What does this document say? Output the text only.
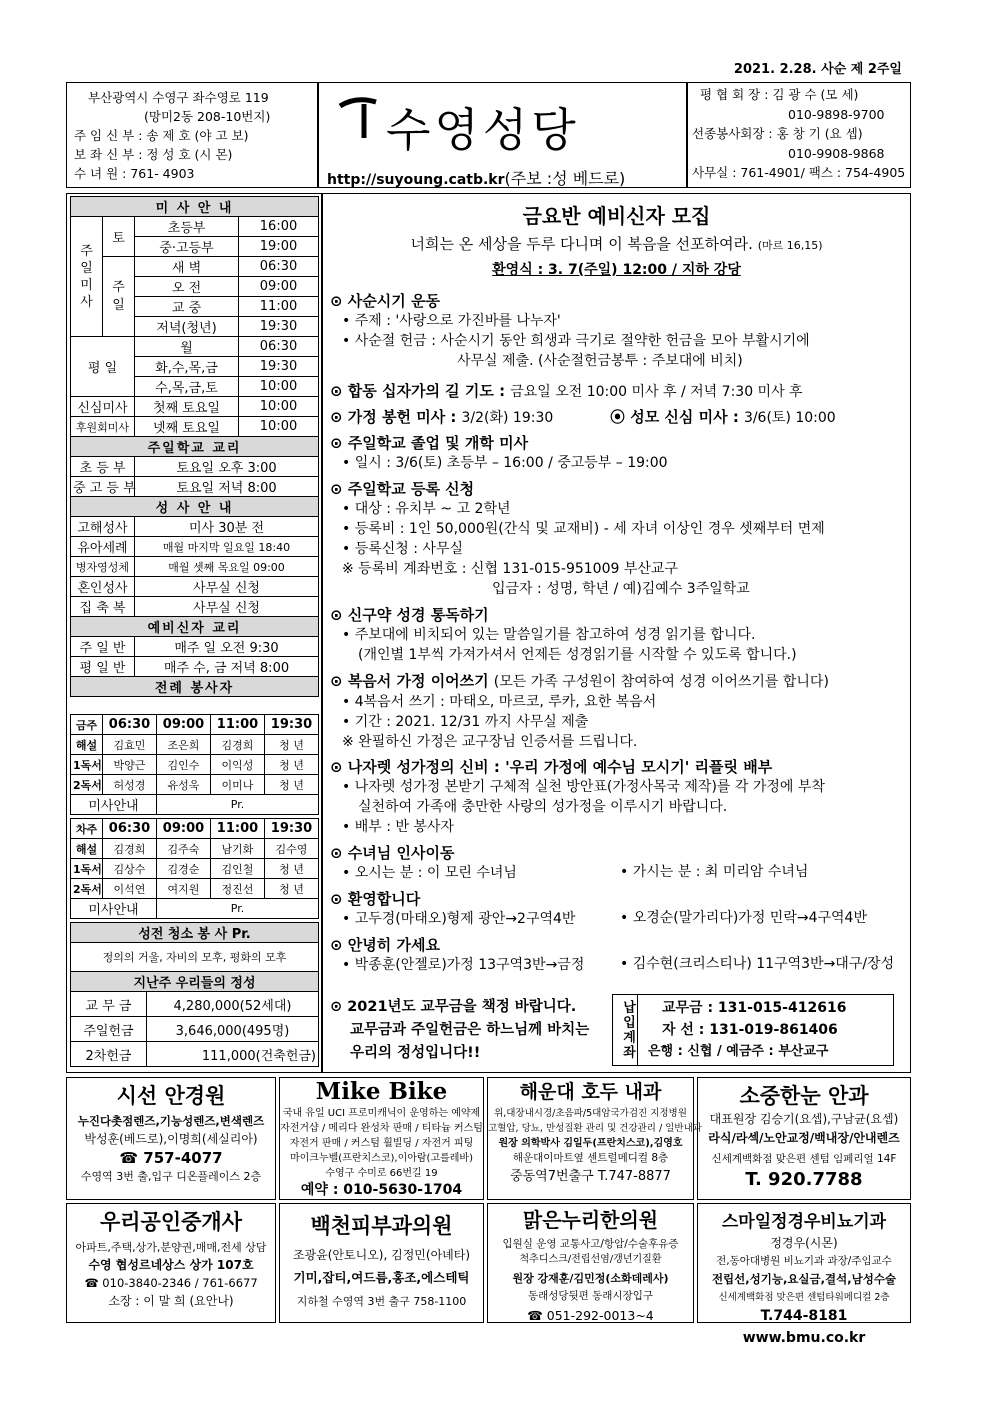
2021. 2.28. 사순 제 2주일
부산광역시 수영구 좌수영로 119
(망미2동 208-10번지)
주 임 신 부 : 송 제 호 (야 고 보)
보 좌 신 부 : 정 성 호 (시 몬)
수 녀 원 : 761- 4903
수영성당
http://suyoung.catb.kr(주보 :성 베드로)
평 협 회 장 : 김 광 수 (모 세)
010-9898-9700
선종봉사회장 : 홍 창 기 (요 셉)
010-9908-9868
사무실 : 761-4901/ 팩스 : 754-4905
미 사 안 내			
주
일
미
사	토	초등부	16:00
		중·고등부	19:00
	주
일	새 벽	06:30
		오 전	09:00
		교 중	11:00
		저녁(청년)	19:30
평 일		월	06:30
		화,수,목,금	19:30
		수,목,금,토	10:00
신심미사		첫째 토요일	10:00
후원회미사		넷째 토요일	10:00
주일학교 교리			
초 등 부		토요일 오후 3:00	
중 고 등 부		토요일 저녁 8:00	
성 사 안 내			
고해성사		미사 30분 전	
유아세례		매월 마지막 일요일 18:40	
병자영성체		매월 셋째 목요일 09:00	
혼인성사		사무실 신청	
집 축 복		사무실 신청	
예비신자 교리			
주 일 반		매주 일 오전 9:30	
평 일 반		매주 수, 금 저녁 8:00	
전례 봉사자			
금주	06:30	09:00	11:00	19:30
해설	김효민	조은희	김경희	청 년
1독서	박양근	김인수	이익성	청 년
2독서	허성경	유성욱	이미나	청 년
미사안내		Pr.		
차주	06:30	09:00	11:00	19:30
해설	김경희	김주숙	남기화	김수영
1독서	김상수	김경순	김인철	청 년
2독서	이석연	여지원	정진선	청 년
미사안내		Pr.		
성전 청소 봉 사 Pr.	
정의의 거울, 자비의 모후, 평화의 모후	
지난주 우리들의 정성	
교 무 금	4,280,000(52세대)
주일헌금	3,646,000(495명)
2차헌금	111,000(건축헌금)
금요반 예비신자 모집
너희는 온 세상을 두루 다니며 이 복음을 선포하여라. (마르 16,15)
환영식 : 3. 7(주일) 12:00 / 지하 강당
⊙ 사순시기 운동
• 주제 : '사랑으로 가진바를 나누자'
• 사순절 헌금 : 사순시기 동안 희생과 극기로 절약한 헌금을 모아 부활시기에
사무실 제출. (사순절헌금봉투 : 주보대에 비치)
⊙ 합동 십자가의 길 기도 : 금요일 오전 10:00 미사 후 / 저녁 7:30 미사 후
⊙ 가정 봉헌 미사 : 3/2(화) 19:30	⦿ 성모 신심 미사 : 3/6(토) 10:00
⊙ 주일학교 졸업 및 개학 미사
• 일시 : 3/6(토) 초등부 – 16:00 / 중고등부 – 19:00
⊙ 주일학교 등록 신청
• 대상 : 유치부 ~ 고 2학년
• 등록비 : 1인 50,000원(간식 및 교재비) - 세 자녀 이상인 경우 셋째부터 면제
• 등록신청 : 사무실
※ 등록비 계좌번호 : 신협 131-015-951009 부산교구
입금자 : 성명, 학년 / 예)김예수 3주일학교
⊙ 신구약 성경 통독하기
• 주보대에 비치되어 있는 말씀일기를 참고하여 성경 읽기를 합니다.
(개인별 1부씩 가져가셔서 언제든 성경읽기를 시작할 수 있도록 합니다.)
⊙ 복음서 가정 이어쓰기 (모든 가족 구성원이 참여하여 성경 이어쓰기를 합니다)
• 4복음서 쓰기 : 마태오, 마르코, 루카, 요한 복음서
• 기간 : 2021. 12/31 까지 사무실 제출
※ 완필하신 가정은 교구장님 인증서를 드립니다.
⊙ 나자렛 성가정의 신비 : '우리 가정에 예수님 모시기' 리플릿 배부
• 나자렛 성가정 본받기 구체적 실천 방안표(가정사목국 제작)를 각 가정에 부착
실천하여 가족애 충만한 사랑의 성가정을 이루시기 바랍니다.
• 배부 : 반 봉사자
⊙ 수녀님 인사이동
• 오시는 분 : 이 모린 수녀님	• 가시는 분 : 최 미리암 수녀님
⊙ 환영합니다
• 고두경(마태오)형제 광안→2구역4반	• 오경순(말가리다)가정 민락→4구역4반
⊙ 안녕히 가세요
• 박종훈(안젤로)가정 13구역3반→금정	• 김수현(크리스티나) 11구역3반→대구/장성
⊙ 2021년도 교무금을 책정 바랍니다.
교무금과 주일헌금은 하느님께 바치는
우리의 정성입니다!!	납입계좌	교무금 : 131-015-412616
자 선 : 131-019-861406
은행 : 신협 / 예금주 : 부산교구
시선 안경원
누진다촛점렌즈,기능성렌즈,변색렌즈
박성훈(베드로),이명희(세실리아)
☎ 757-4077
수영역 3번 출,입구 디온플레이스 2층
Mike Bike
국내 유일 UCI 프로미캐닉이 운영하는 예약제
자전거샵 / 메리다 완성차 판매 / 티타늄 커스텀
자전거 판매 / 커스텀 휠빌딩 / 자전거 피팅
마이크누벨(프란치스코),이아람(고를레바)
수영구 수미로 66번길 19
예약 : 010-5630-1704
해운대 호두 내과
위,대장내시경/초음파/5대암국가검진 지정병원
고혈압, 당뇨, 만성질환 관리 및 건강관리 / 일반내과
원장 의학박사 김일두(프란치스코),김영호
해운대이마트옆 센트럴메디컬 8층
중동역7번출구 T.747-8877
소중한눈 안과
대표원장 김승기(요셉),구남균(요셉)
라식/라섹/노안교정/백내장/안내렌즈
신세계백화점 맞은편 센텀 임페리얼 14F
T. 920.7788
우리공인중개사
아파트,주택,상가,분양권,매매,전세 상담
수영 협성르네상스 상가 107호
☎ 010-3840-2346 / 761-6677
소장 : 이 말 희 (요안나)
백천피부과의원
조광윤(안토니오), 김정민(아녜타)
기미,잡티,여드름,홍조,에스테틱
지하철 수영역 3번 출구 758-1100
맑은누리한의원
입원실 운영 교통사고/항암/수술후유증
척추디스크/전립선염/갱년기질환
원장 강재훈/김민정(소화데레사)
동래성당뒷편 동래시장입구
☎ 051-292-0013~4
스마일정경우비뇨기과
정경우(시몬)
전,동아대병원 비뇨기과 과장/주임교수
전립선,성기능,요실금,결석,남성수술
신세계백화점 맞은편 센텀타워메디컬 2층
T.744-8181 www.bmu.co.kr
